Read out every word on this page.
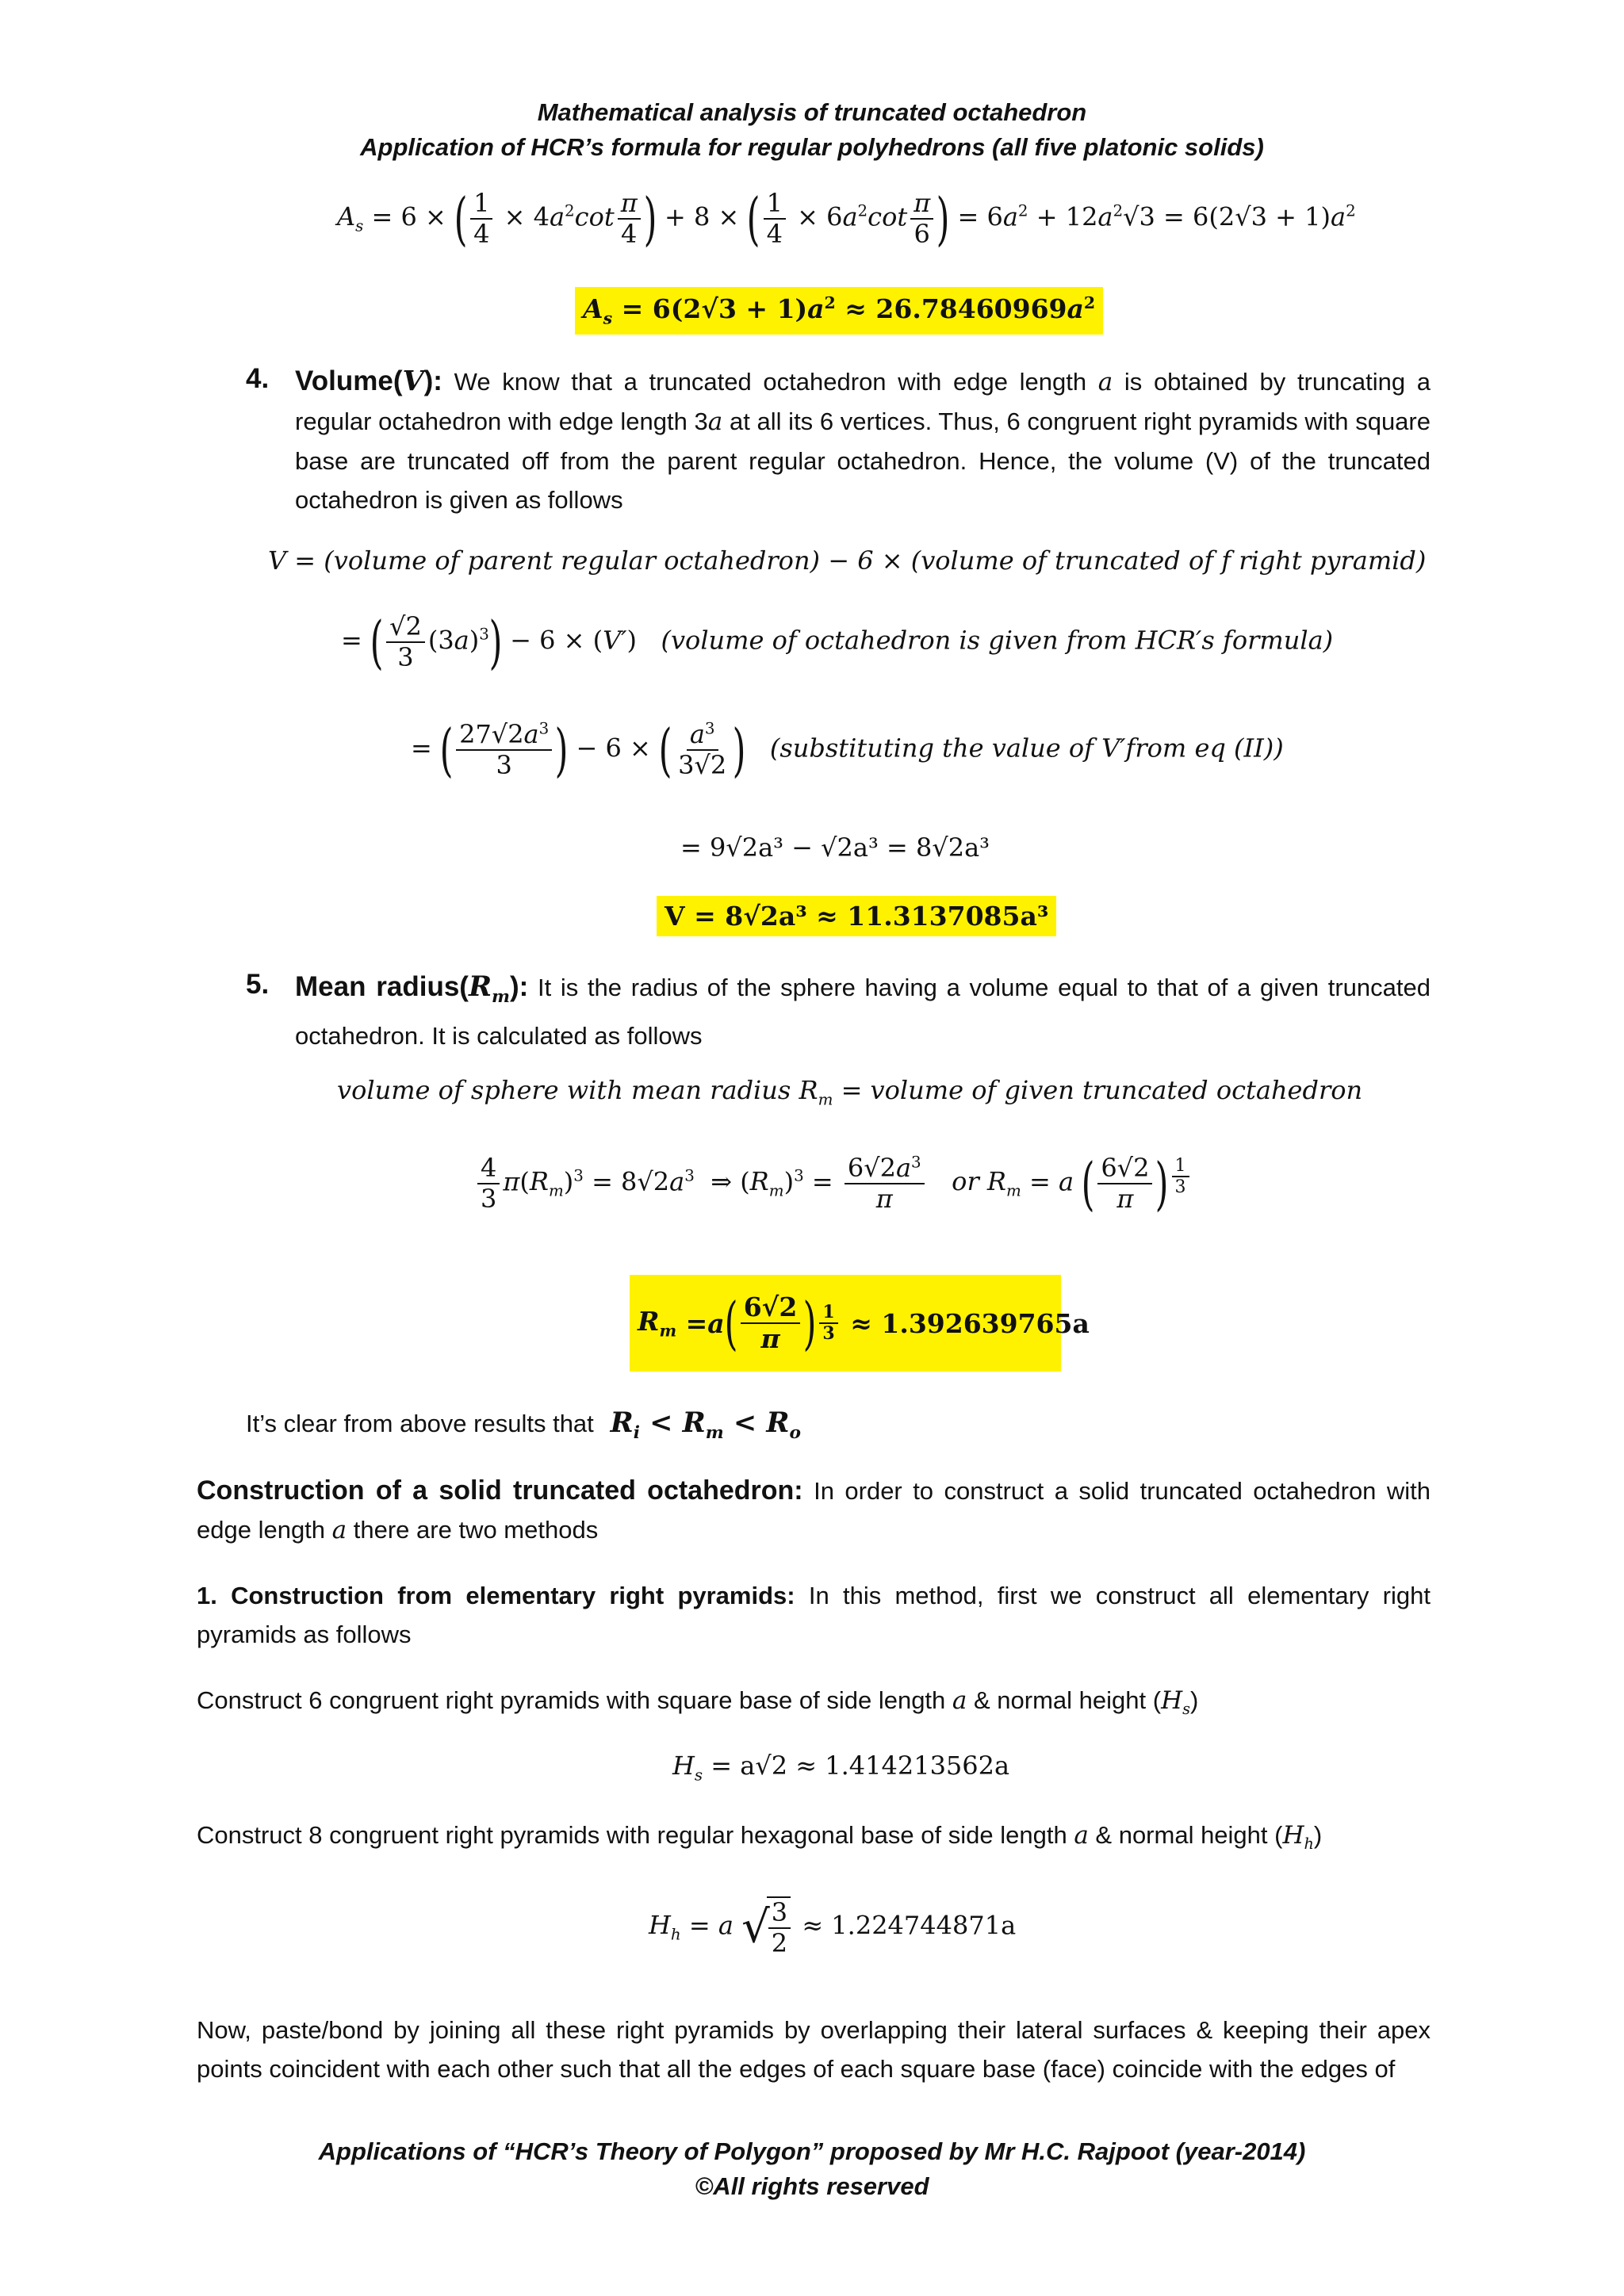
Mathematical analysis of truncated octahedron
Application of HCR’s formula for regular polyhedrons (all five platonic solids)
$A_s = 6$ × ( $\frac{1}{4} \times 4a^2\cot \frac{\pi}{4}$ ) + 8 × ( $\frac{1}{4} \times 6a^2\cot \frac{\pi}{6}$ ) = $6a^2 + 12a^2√3 = 6(2√3 + 1)a^2$
$A_s = 6(2√3 + 1)a^2 \approx 26.78460969a^2$
4. Volume(V): We know that a truncated octahedron with edge length a is obtained by truncating a regular octahedron with edge length 3a at all its 6 vertices. Thus, 6 congruent right pyramids with square base are truncated off from the parent regular octahedron. Hence, the volume (V) of the truncated octahedron is given as follows
V = (volume of parent regular octahedron) − 6 × (volume of truncated of f right pyramid)
= ( $\frac{√2}{3} (3a)^3) - 6 \times (V')$   (volume of octahedron is given from HCR′s formula)
= ( $\frac{27√2a^3}{3}$ ) − 6 × ( $\frac{a^3}{3√2}$ ) (substituting the value of V′from eq (II))
= 9√2a³ − √2a³ = 8√2a³
V = 8√2a³ ≈ 11.3137085a³
5. Mean $radius(R_m)$: It is the radius of the sphere having a volume equal to that of a given truncated octahedron. It is calculated as follows
volume of sphere with mean radius $R_m$ = volume of given truncated octahedron
$\frac{4}{3} \pi(R_m)^3 = 8√2a^3$  ⇒ $(R_m)^3 = \frac{6√2a^3}{\pi}$ or $R_m = a$ ( $\frac{6√2}{\pi}$ ) $^{\frac{1}{3}}$
$R_m = a$ ( $\frac{6√2}{\pi}$ ) $\frac{1}{3}$
≈ 1.392639765a
It’s clear from above results that  $R_i < R_m < R_o$
Construction of a solid truncated octahedron: In order to construct a solid truncated octahedron with edge length a there are two methods
1. Construction from elementary right pyramids: In this method, first we construct all elementary right pyramids as follows
Construct 6 congruent right pyramids with square base of side length a & normal height $(H_s)$
$H_s = a√2 \approx 1.414213562a$
Construct 8 congruent right pyramids with regular hexagonal base of side length a & normal height $(H_h)$
$H_h = a$ √
$\frac{3}{2} \approx 1.224744871a$
Now, paste/bond by joining all these right pyramids by overlapping their lateral surfaces & keeping their apex points coincident with each other such that all the edges of each square base (face) coincide with the edges of
Applications of “HCR’s Theory of Polygon” proposed by Mr H.C. Rajpoot (year-2014)
©All rights reserved
